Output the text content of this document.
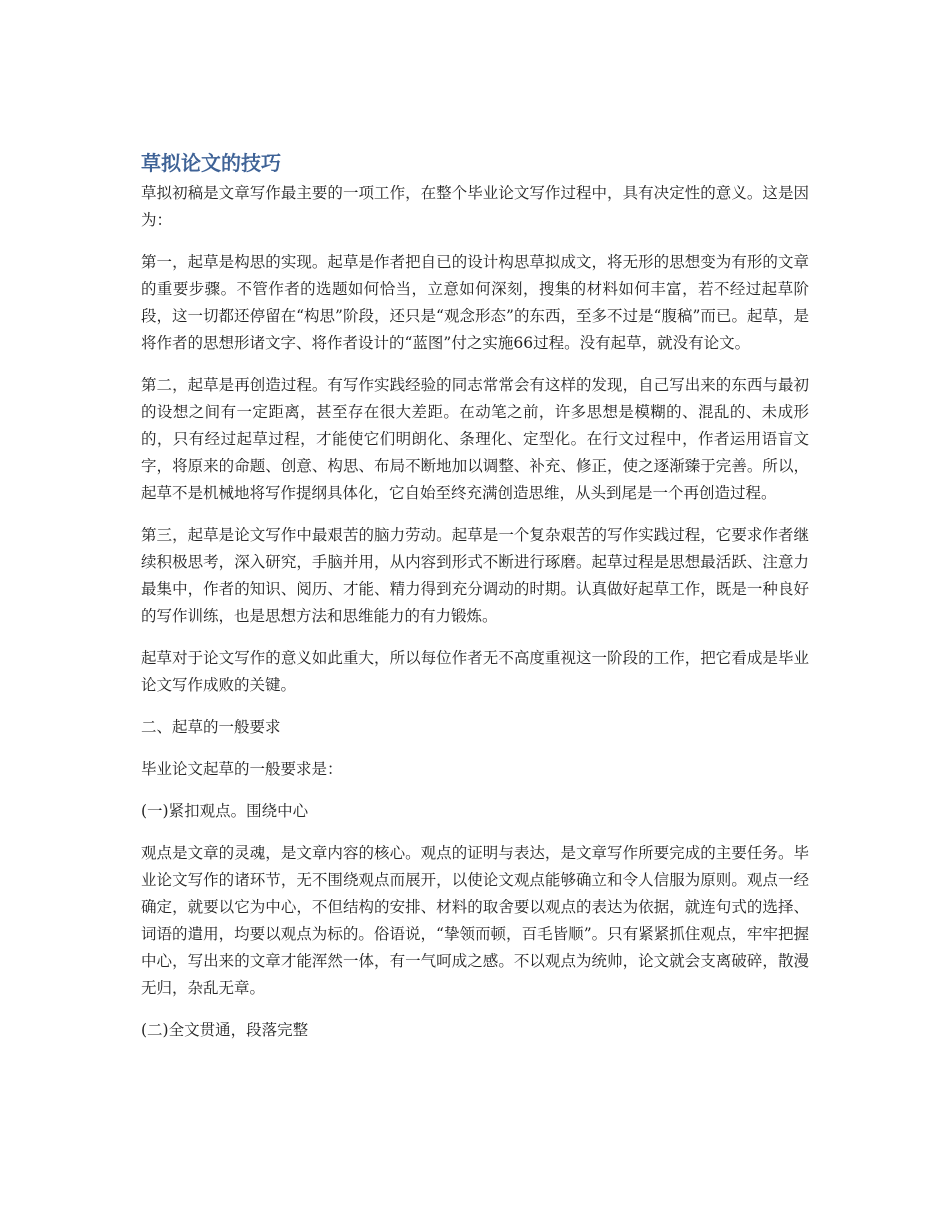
草拟论文的技巧

草拟初稿是文章写作最主要的一项工作，在整个毕业论文写作过程中，具有决定性的意义。这是因为：

第一，起草是构思的实现。起草是作者把自已的设计构思草拟成文，将无形的思想变为有形的文章的重要步骤。不管作者的选题如何恰当，立意如何深刻，搜集的材料如何丰富，若不经过起草阶段，这一切都还停留在“构思”阶段，还只是“观念形态”的东西，至多不过是“腹稿”而已。起草，是将作者的思想形诸文字、将作者设计的“蓝图”付之实施66过程。没有起草，就没有论文。

第二，起草是再创造过程。有写作实践经验的同志常常会有这样的发现，自己写出来的东西与最初的设想之间有一定距离，甚至存在很大差距。在动笔之前，许多思想是模糊的、混乱的、未成形的，只有经过起草过程，才能使它们明朗化、条理化、定型化。在行文过程中，作者运用语盲文字，将原来的命题、创意、构思、布局不断地加以调整、补充、修正，使之逐渐臻于完善。所以，起草不是机械地将写作提纲具体化，它自始至终充满创造思维，从头到尾是一个再创造过程。

第三，起草是论文写作中最艰苦的脑力劳动。起草是一个复杂艰苦的写作实践过程，它要求作者继续积极思考，深入研究，手脑并用，从内容到形式不断进行琢磨。起草过程是思想最活跃、注意力最集中，作者的知识、阅历、才能、精力得到充分调动的时期。认真做好起草工作，既是一种良好的写作训练，也是思想方法和思维能力的有力锻炼。

起草对于论文写作的意义如此重大，所以每位作者无不高度重视这一阶段的工作，把它看成是毕业论文写作成败的关键。

二、起草的一般要求

毕业论文起草的一般要求是：

(一)紧扣观点。围绕中心

观点是文章的灵魂，是文章内容的核心。观点的证明与表达，是文章写作所要完成的主要任务。毕业论文写作的诸环节，无不围绕观点而展开，以使论文观点能够确立和令人信服为原则。观点一经确定，就要以它为中心，不但结构的安排、材料的取舍要以观点的表达为依据，就连句式的选择、词语的遣用，均要以观点为标的。俗语说，“挚领而顿，百毛皆顺”。只有紧紧抓住观点，牢牢把握中心，写出来的文章才能浑然一体，有一气呵成之感。不以观点为统帅，论文就会支离破碎，散漫无归，杂乱无章。

(二)全文贯通，段落完整
